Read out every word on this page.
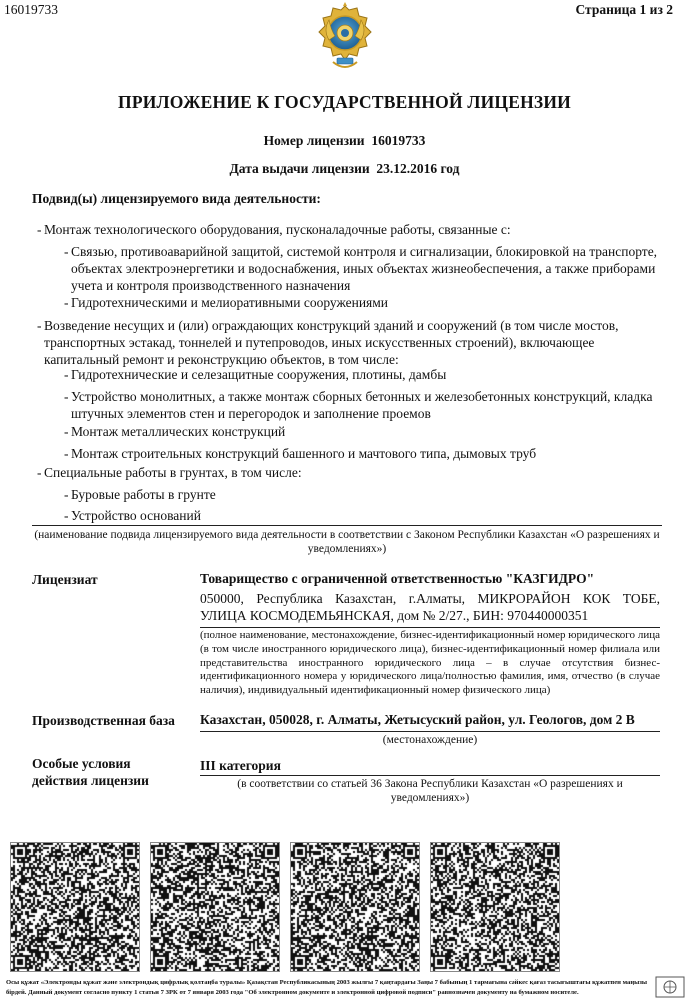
16019733	Страница 1 из 2
ПРИЛОЖЕНИЕ К ГОСУДАРСТВЕННОЙ ЛИЦЕНЗИИ
Номер лицензии 16019733
Дата выдачи лицензии 23.12.2016 год
Подвид(ы) лицензируемого вида деятельности:
- Монтаж технологического оборудования, пусконаладочные работы, связанные с:
- Связью, противоаварийной защитой, системой контроля и сигнализации, блокировкой на транспорте, объектах электроэнергетики и водоснабжения, иных объектах жизнеобеспечения, а также приборами учета и контроля производственного назначения
- Гидротехническими и мелиоративными сооружениями
- Возведение несущих и (или) ограждающих конструкций зданий и сооружений (в том числе мостов, транспортных эстакад, тоннелей и путепроводов, иных искусственных строений), включающее капитальный ремонт и реконструкцию объектов, в том числе:
- Гидротехнические и селезащитные сооружения, плотины, дамбы
- Устройство монолитных, а также монтаж сборных бетонных и железобетонных конструкций, кладка штучных элементов стен и перегородок и заполнение проемов
- Монтаж металлических конструкций
- Монтаж строительных конструкций башенного и мачтового типа, дымовых труб
- Специальные работы в грунтах, в том числе:
- Буровые работы в грунте
- Устройство оснований
(наименование подвида лицензируемого вида деятельности в соответствии с Законом Республики Казахстан «О разрешениях и уведомлениях»)
Лицензиат	Товарищество с ограниченной ответственностью "КАЗГИДРО"
050000, Республика Казахстан, г.Алматы, МИКРОРАЙОН КОК ТОБЕ,
УЛИЦА КОСМОДЕМЬЯНСКАЯ, дом № 2/27., БИН: 970440000351
(полное наименование, местонахождение, бизнес-идентификационный номер юридического лица (в том числе иностранного юридического лица), бизнес-идентификационный номер филиала или представительства иностранного юридического лица – в случае отсутствия бизнес-идентификационного номера у юридического лица/полностью фамилия, имя, отчество (в случае наличия), индивидуальный идентификационный номер физического лица)
Производственная база Казахстан, 050028, г. Алматы, Жетысуский район, ул. Геологов, дом 2 В
(местонахождение)
Особые условия
действия лицензии
III категория
(в соответствии со статьей 36 Закона Республики Казахстан «О разрешениях и уведомлениях»)
Осы құжат «Электронды құжат және электрондық цифрлық қолтаңба туралы» Қазақстан Республикасының 2003 жылғы 7 қаңтардағы Заңы 7 бабының 1 тармағына сәйкес қағаз тасығыштағы құжатпен маңызы бірдей. Данный документ согласно пункту 1 статьи 7 ЗРК от 7 января 2003 года "Об электронном документе и электронной цифровой подписи" равнозначен документу на бумажном носителе.
